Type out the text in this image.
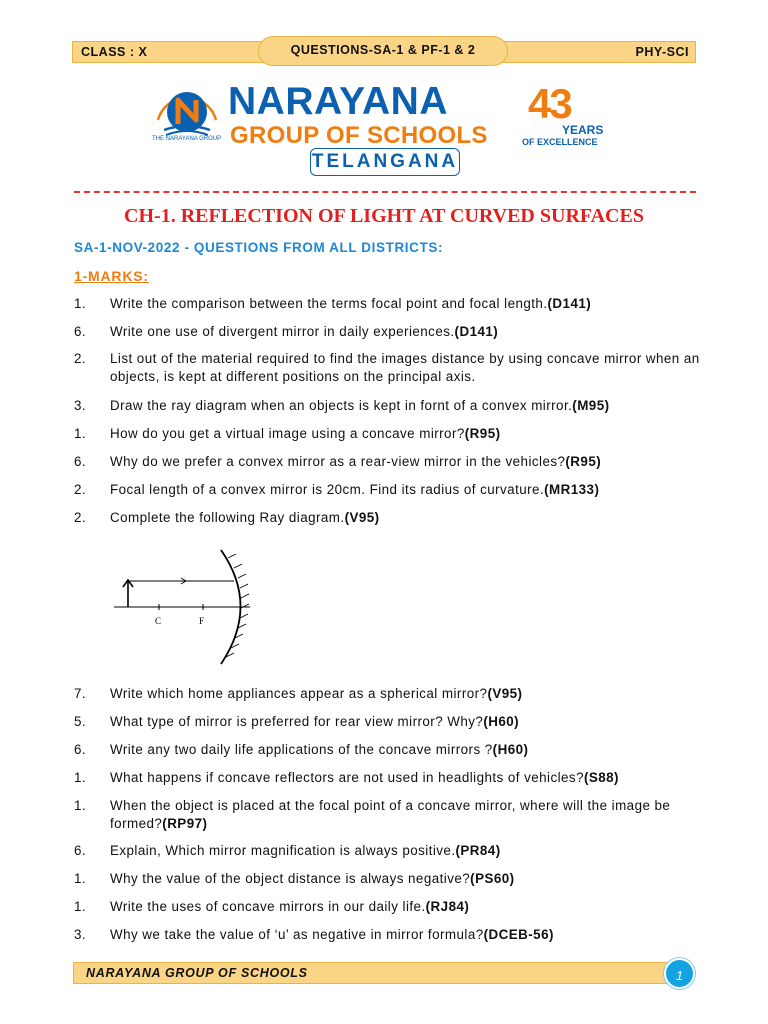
CLASS : X	PHY-SCI
QUESTIONS-SA-1 & PF-1 & 2
THE NARAYANA GROUP
NARAYANA
GROUP OF SCHOOLS
TELANGANA
43
YEARS
OF EXCELLENCE
CH-1. REFLECTION OF LIGHT AT CURVED SURFACES
SA-1-NOV-2022 - QUESTIONS FROM ALL DISTRICTS:
1-MARKS:
1.	Write the comparison between the terms focal point and focal length.(D141)
6.	Write one use of divergent mirror in daily experiences.(D141)
2.	List out of the material required to find the images distance by using concave mirror when an objects, is kept at different positions on the principal axis.
3.	Draw the ray diagram when an objects is kept in fornt of a convex mirror.(M95)
1.	How do you get a virtual image using a concave mirror?(R95)
6.	Why do we prefer a convex mirror as a rear-view mirror in the vehicles?(R95)
2.	Focal length of a convex mirror is 20cm. Find its radius of curvature.(MR133)
2.	Complete the following Ray diagram.(V95)
C	F
7.	Write which home appliances appear as a spherical mirror?(V95)
5.	What type of mirror is preferred for rear view mirror? Why?(H60)
6.	Write any two daily life applications of the concave mirrors ?(H60)
1.	What happens if concave reflectors are not used in headlights of vehicles?(S88)
1.	When the object is placed at the focal point of a concave mirror, where will the image be formed?(RP97)
6.	Explain, Which mirror magnification is always positive.(PR84)
1.	Why the value of the object distance is always negative?(PS60)
1.	Write the uses of concave mirrors in our daily life.(RJ84)
3.	Why we take the value of ‘u’ as negative in mirror formula?(DCEB-56)
NARAYANA GROUP OF SCHOOLS	1
